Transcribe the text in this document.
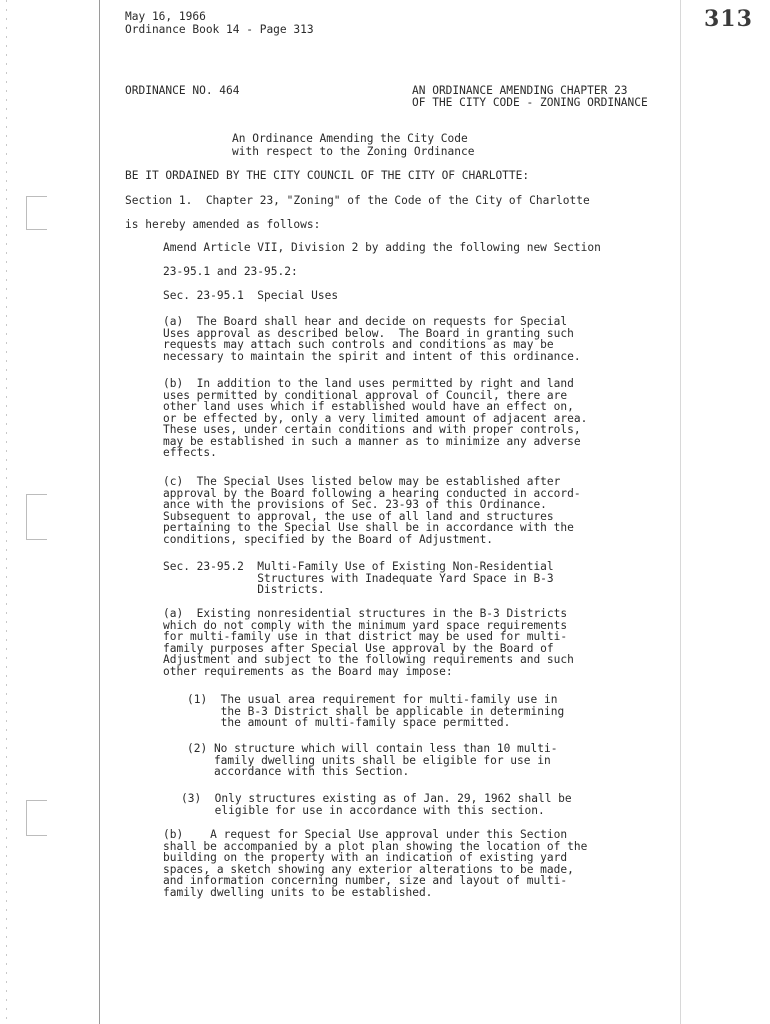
May 16, 1966
Ordinance Book 14 - Page 313	313
ORDINANCE NO. 464	AN ORDINANCE AMENDING CHAPTER 23
OF THE CITY CODE - ZONING ORDINANCE
An Ordinance Amending the City Code
with respect to the Zoning Ordinance
BE IT ORDAINED BY THE CITY COUNCIL OF THE CITY OF CHARLOTTE:
Section 1.  Chapter 23, "Zoning" of the Code of the City of Charlotte
is hereby amended as follows:
Amend Article VII, Division 2 by adding the following new Section
23-95.1 and 23-95.2:
Sec. 23-95.1  Special Uses
(a)  The Board shall hear and decide on requests for Special
Uses approval as described below.  The Board in granting such
requests may attach such controls and conditions as may be
necessary to maintain the spirit and intent of this ordinance.
(b)  In addition to the land uses permitted by right and land
uses permitted by conditional approval of Council, there are
other land uses which if established would have an effect on,
or be effected by, only a very limited amount of adjacent area.
These uses, under certain conditions and with proper controls,
may be established in such a manner as to minimize any adverse
effects.
(c)  The Special Uses listed below may be established after
approval by the Board following a hearing conducted in accord-
ance with the provisions of Sec. 23-93 of this Ordinance.
Subsequent to approval, the use of all land and structures
pertaining to the Special Use shall be in accordance with the
conditions, specified by the Board of Adjustment.
Sec. 23-95.2  Multi-Family Use of Existing Non-Residential
Structures with Inadequate Yard Space in B-3
Districts.
(a)  Existing nonresidential structures in the B-3 Districts
which do not comply with the minimum yard space requirements
for multi-family use in that district may be used for multi-
family purposes after Special Use approval by the Board of
Adjustment and subject to the following requirements and such
other requirements as the Board may impose:
(1)  The usual area requirement for multi-family use in
the B-3 District shall be applicable in determining
the amount of multi-family space permitted.
(2) No structure which will contain less than 10 multi-
family dwelling units shall be eligible for use in
accordance with this Section.
(3)  Only structures existing as of Jan. 29, 1962 shall be
eligible for use in accordance with this section.
(b)    A request for Special Use approval under this Section
shall be accompanied by a plot plan showing the location of the
building on the property with an indication of existing yard
spaces, a sketch showing any exterior alterations to be made,
and information concerning number, size and layout of multi-
family dwelling units to be established.
